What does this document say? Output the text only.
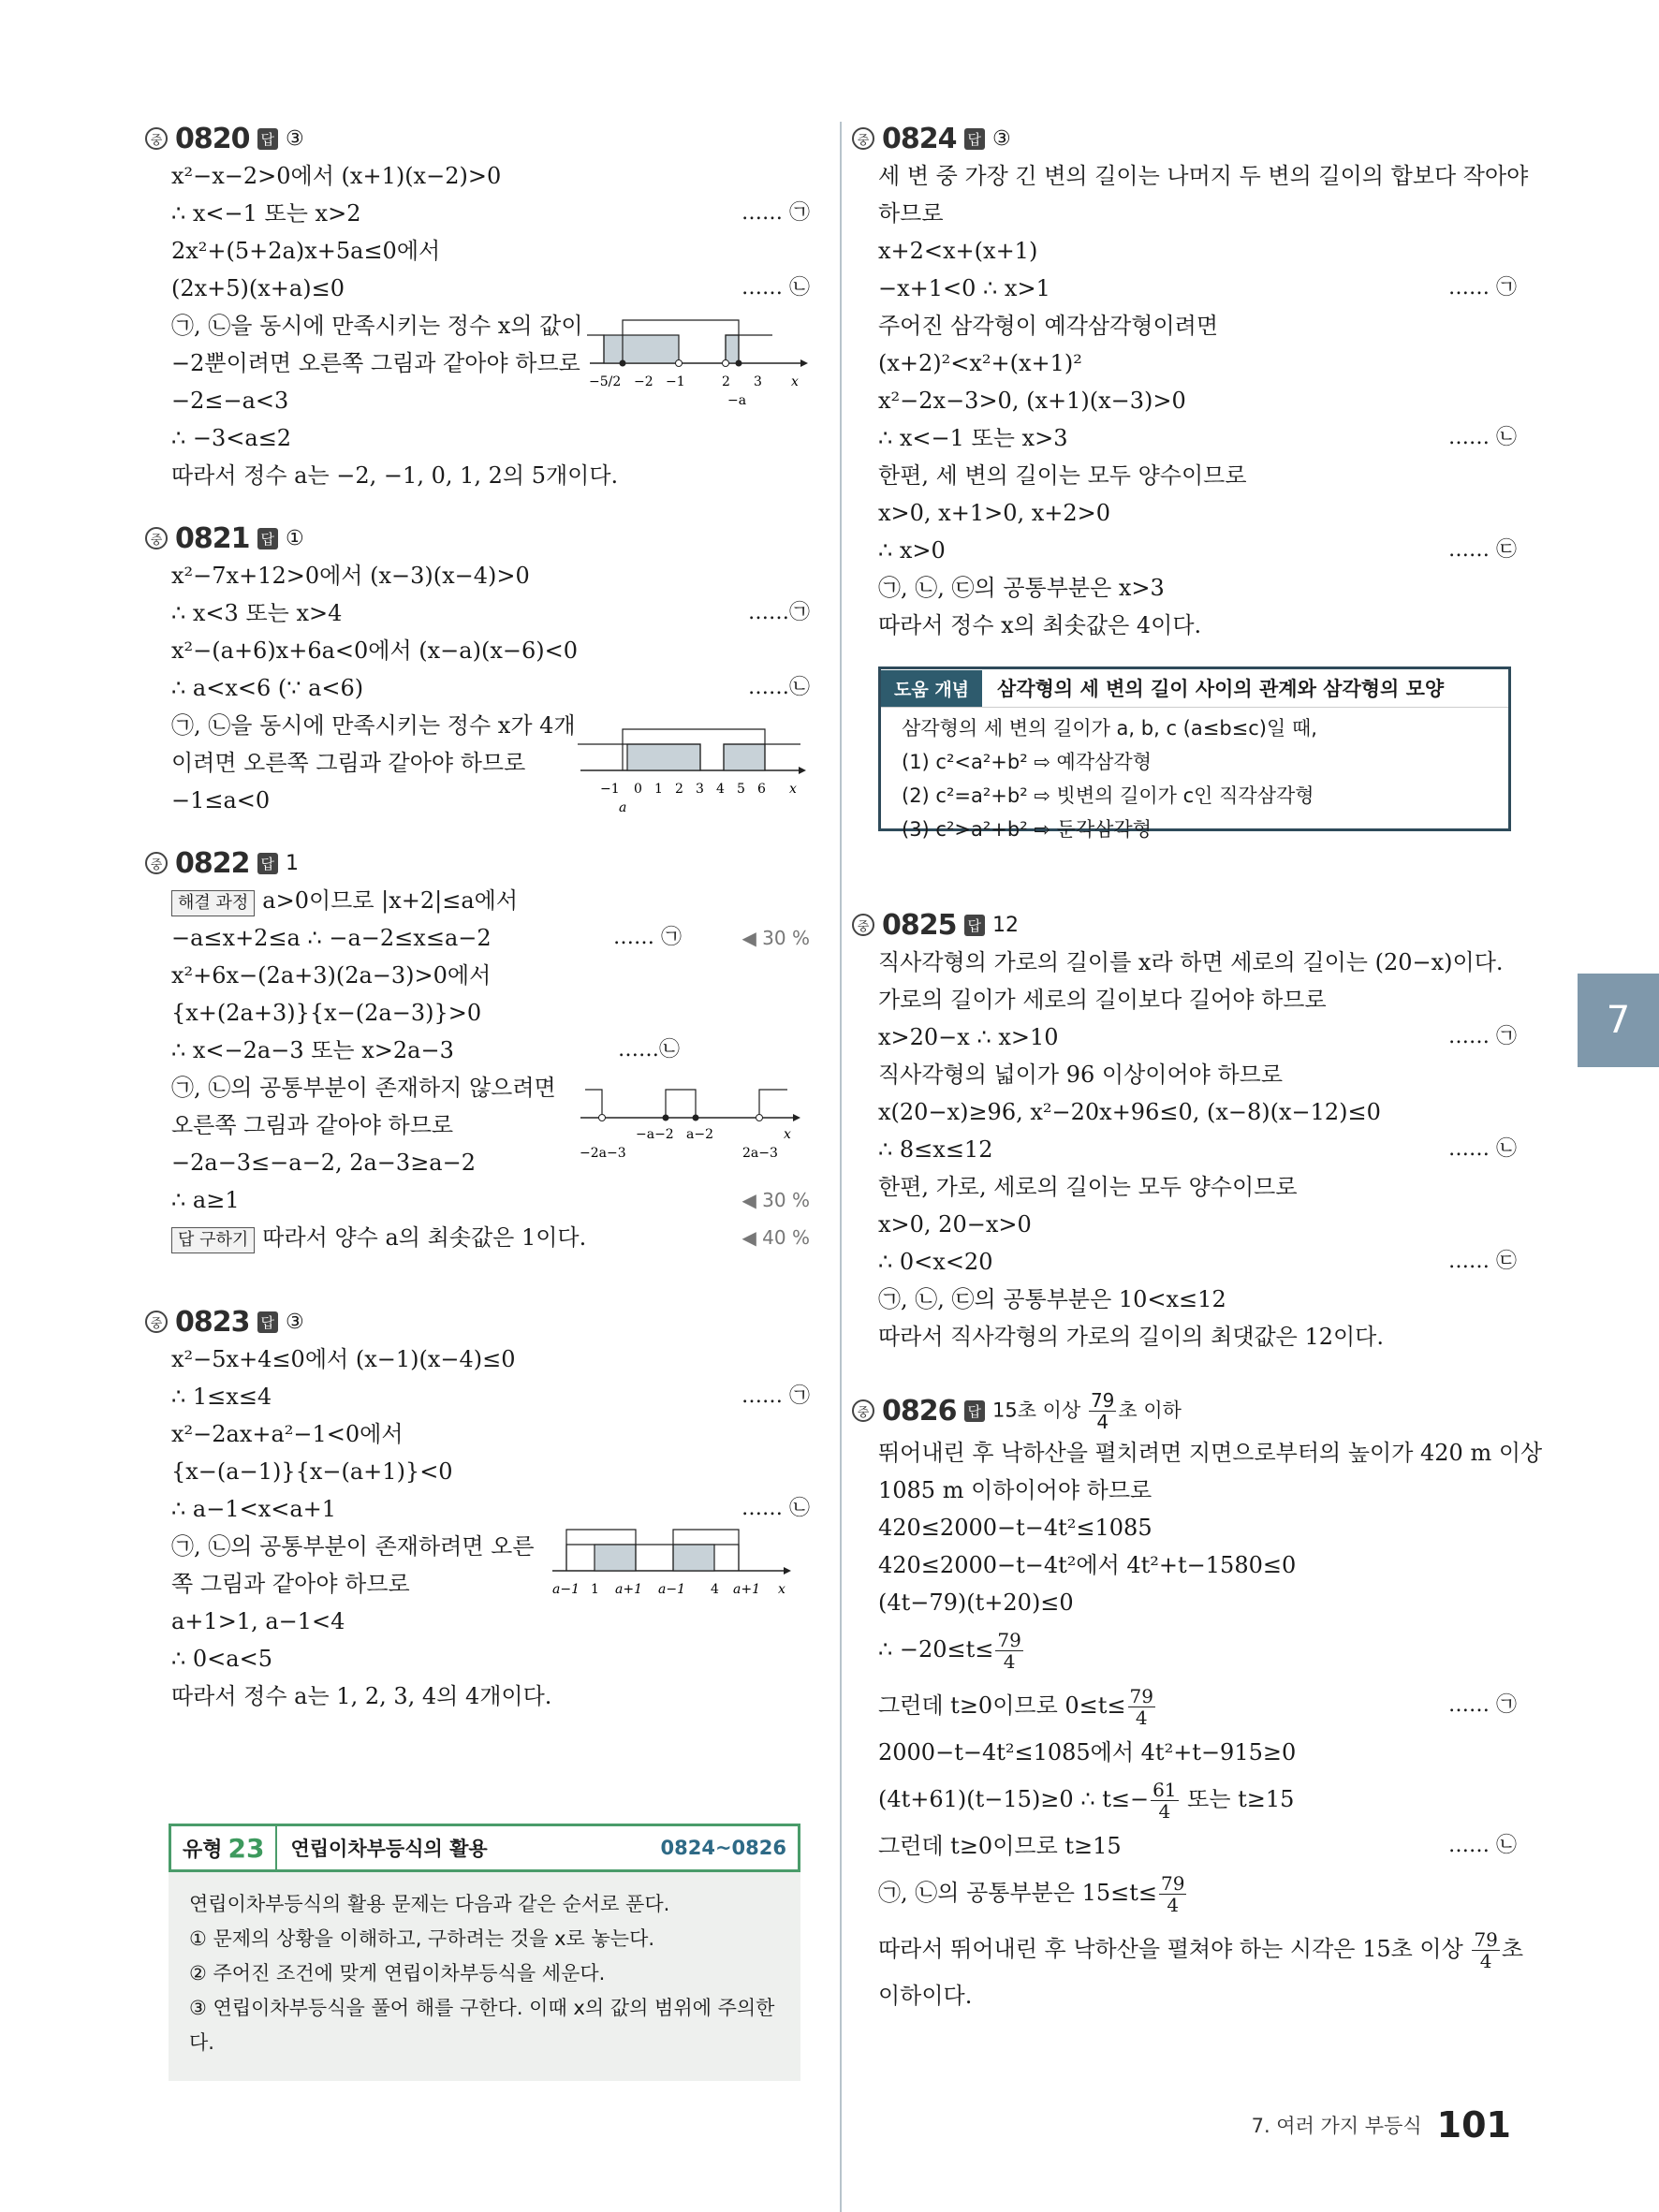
중 0820 답 ③
x²−x−2>0에서 (x+1)(x−2)>0
∴ x<−1 또는 x>2	…… ㉠
2x²+(5+2a)x+5a≤0에서
(2x+5)(x+a)≤0	…… ㉡
㉠, ㉡을 동시에 만족시키는 정수 x의 값이
−2뿐이려면 오른쪽 그림과 같아야 하므로
−2≤−a<3
∴ −3<a≤2
따라서 정수 a는 −2, −1, 0, 1, 2의 5개이다.
−5/2 −2 −1	2 3 x
−a
중 0821 답 ①
x²−7x+12>0에서 (x−3)(x−4)>0
∴ x<3 또는 x>4	……㉠
x²−(a+6)x+6a<0에서 (x−a)(x−6)<0
∴ a<x<6 (∵ a<6)	……㉡
㉠, ㉡을 동시에 만족시키는 정수 x가 4개
이려면 오른쪽 그림과 같아야 하므로
−1≤a<0	−1 0 1 2 3 4 5 6 x
a
중 0822 답 1
해결 과정 a>0이므로 |x+2|≤a에서
−a≤x+2≤a ∴ −a−2≤x≤a−2	…… ㉠	◀ 30 %
x²+6x−(2a+3)(2a−3)>0에서
{x+(2a+3)}{x−(2a−3)}>0
∴ x<−2a−3 또는 x>2a−3	……㉡
㉠, ㉡의 공통부분이 존재하지 않으려면
오른쪽 그림과 같아야 하므로
−2a−3≤−a−2, 2a−3≥a−2
∴ a≥1	◀ 30 %
답 구하기 따라서 양수 a의 최솟값은 1이다.	◀ 40 %
−a−2 a−2	x
−2a−3	2a−3
중 0823 답 ③
x²−5x+4≤0에서 (x−1)(x−4)≤0
∴ 1≤x≤4	…… ㉠
x²−2ax+a²−1<0에서
{x−(a−1)}{x−(a+1)}<0
∴ a−1<x<a+1	…… ㉡
㉠, ㉡의 공통부분이 존재하려면 오른
쪽 그림과 같아야 하므로
a+1>1, a−1<4
∴ 0<a<5
따라서 정수 a는 1, 2, 3, 4의 4개이다.
a−1 1 a+1 a−1 4 a+1 x
유형 23	연립이차부등식의 활용	0824~0826
연립이차부등식의 활용 문제는 다음과 같은 순서로 푼다.
① 문제의 상황을 이해하고, 구하려는 것을 x로 놓는다.
② 주어진 조건에 맞게 연립이차부등식을 세운다.
③ 연립이차부등식을 풀어 해를 구한다. 이때 x의 값의 범위에 주의한다.
중 0824 답 ③
세 변 중 가장 긴 변의 길이는 나머지 두 변의 길이의 합보다 작아야
하므로
x+2<x+(x+1)
−x+1<0 ∴ x>1	…… ㉠
주어진 삼각형이 예각삼각형이려면
(x+2)²<x²+(x+1)²
x²−2x−3>0, (x+1)(x−3)>0
∴ x<−1 또는 x>3	…… ㉡
한편, 세 변의 길이는 모두 양수이므로
x>0, x+1>0, x+2>0
∴ x>0	…… ㉢
㉠, ㉡, ㉢의 공통부분은 x>3
따라서 정수 x의 최솟값은 4이다.
도움 개념	삼각형의 세 변의 길이 사이의 관계와 삼각형의 모양
삼각형의 세 변의 길이가 a, b, c (a≤b≤c)일 때,
(1) c²<a²+b² ⇨ 예각삼각형
(2) c²=a²+b² ⇨ 빗변의 길이가 c인 직각삼각형
(3) c²>a²+b² ⇨ 둔각삼각형
중 0825 답 12
직사각형의 가로의 길이를 x라 하면 세로의 길이는 (20−x)이다.
가로의 길이가 세로의 길이보다 길어야 하므로
x>20−x ∴ x>10	…… ㉠
직사각형의 넓이가 96 이상이어야 하므로
x(20−x)≥96, x²−20x+96≤0, (x−8)(x−12)≤0
∴ 8≤x≤12	…… ㉡
한편, 가로, 세로의 길이는 모두 양수이므로
x>0, 20−x>0
∴ 0<x<20	…… ㉢
㉠, ㉡, ㉢의 공통부분은 10<x≤12
따라서 직사각형의 가로의 길이의 최댓값은 12이다.
중 0826 답 15초 이상 $\frac{79}{4}$ 초 이하
뛰어내린 후 낙하산을 펼치려면 지면으로부터의 높이가 420 m 이상
1085 m 이하이어야 하므로
420≤2000−t−4t²≤1085
420≤2000−t−4t²에서 4t²+t−1580≤0
(4t−79)(t+20)≤0
∴ $-20\le t\le \frac{79}{4}$
그런데 t≥0이므로 $0\le t\le \frac{79}{4}$	…… ㉠
2000−t−4t²≤1085에서 4t²+t−915≥0
(4t+61)(t−15)≥0 ∴ $t\le- \frac{61}{4}$ 또는 t≥15
그런데 t≥0이므로 t≥15	…… ㉡
㉠, ㉡의 공통부분은 $15\le t\le \frac{79}{4}$
따라서 뛰어내린 후 낙하산을 펼쳐야 하는 시각은 15초 이상 $\frac{79}{4}$ 초
이하이다.
7
7. 여러 가지 부등식 101
